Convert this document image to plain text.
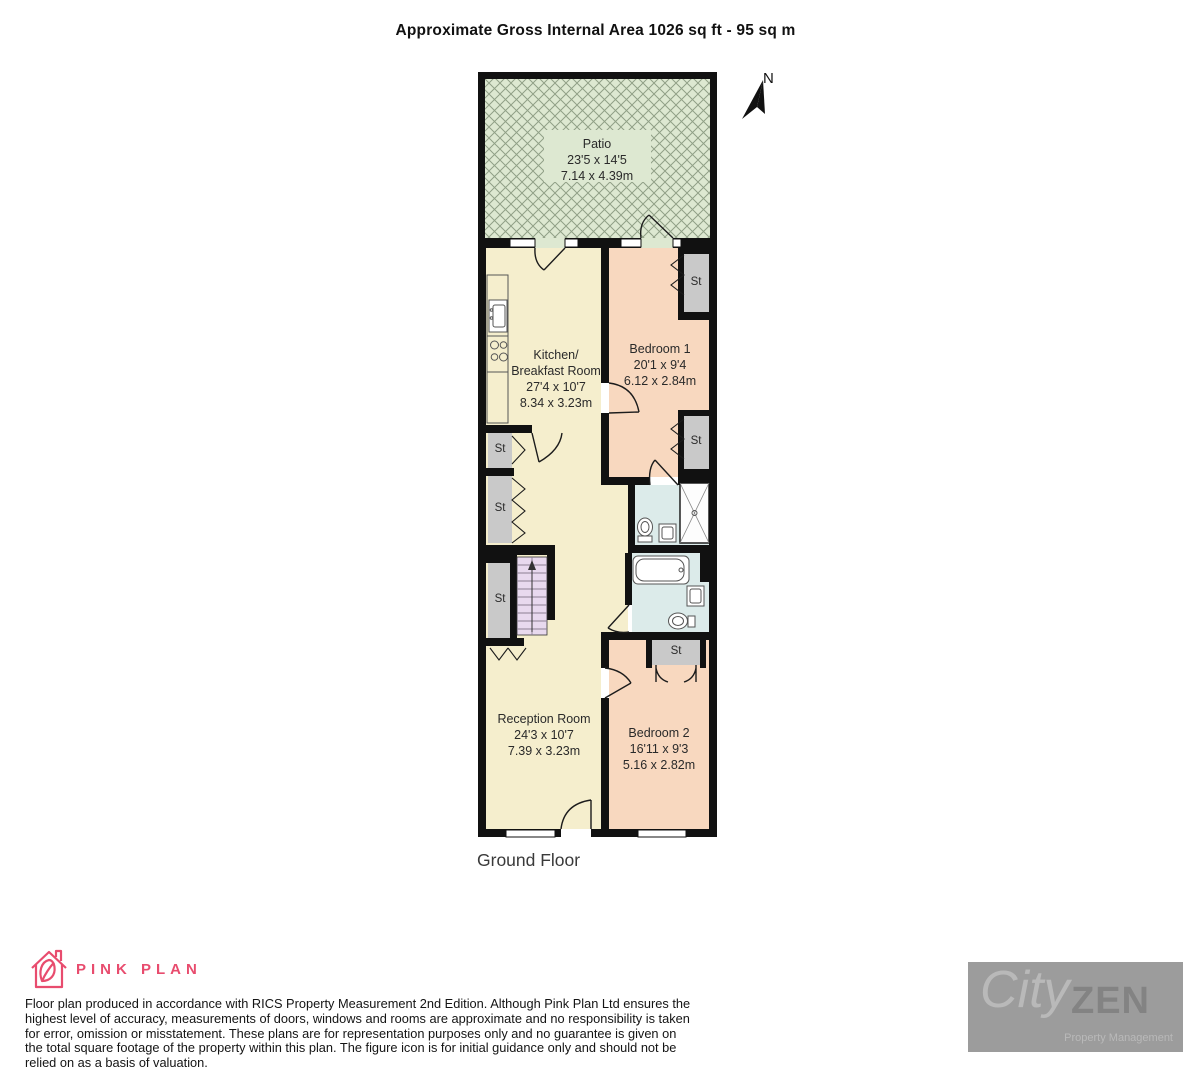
Approximate Gross Internal Area 1026 sq ft - 95 sq m
N
Patio
23'5 x 14'5
7.14 x 4.39m
Kitchen/
Breakfast Room
27'4 x 10'7
8.34 x 3.23m
Bedroom 1
20'1 x 9'4
6.12 x 2.84m
Reception Room
24'3 x 10'7
7.39 x 3.23m
Bedroom 2
16'11 x 9'3
5.16 x 2.82m
St
St
St
St
St
St
Ground Floor
PINK PLAN
Floor plan produced in accordance with RICS Property Measurement 2nd Edition. Although Pink Plan Ltd ensures the highest level of accuracy, measurements of doors, windows and rooms are approximate and no responsibility is taken for error, omission or misstatement. These plans are for representation purposes only and no guarantee is given on the total square footage of the property within this plan. The figure icon is for initial guidance only and should not be relied on as a basis of valuation.
City ZEN
Property Management
